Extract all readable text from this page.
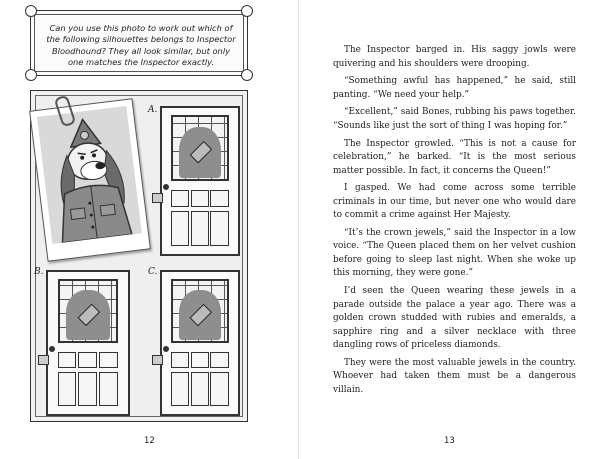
Can you use this photo to work out which of the following silhouettes belongs to Inspector Bloodhound? They all look similar, but only one matches the Inspector exactly.
A.
B.	C.
12

The Inspector barged in. His saggy jowls were quivering and his shoulders were drooping.

“Something awful has happened,” he said, still panting. “We need your help.”

“Excellent,” said Bones, rubbing his paws together. “Sounds like just the sort of thing I was hoping for.”

The Inspector growled. “This is not a cause for celebration,” he barked. “It is the most serious matter possible. In fact, it concerns the Queen!”

I gasped. We had come across some terrible criminals in our time, but never one who would dare to commit a crime against Her Majesty.

“It’s the crown jewels,” said the Inspector in a low voice. “The Queen placed them on her velvet cushion before going to sleep last night. When she woke up this morning, they were gone.”

I’d seen the Queen wearing these jewels in a parade outside the palace a year ago. There was a golden crown studded with rubies and emeralds, a sapphire ring and a silver necklace with three dangling rows of priceless diamonds.

They were the most valuable jewels in the country. Whoever had taken them must be a dangerous villain.

13
